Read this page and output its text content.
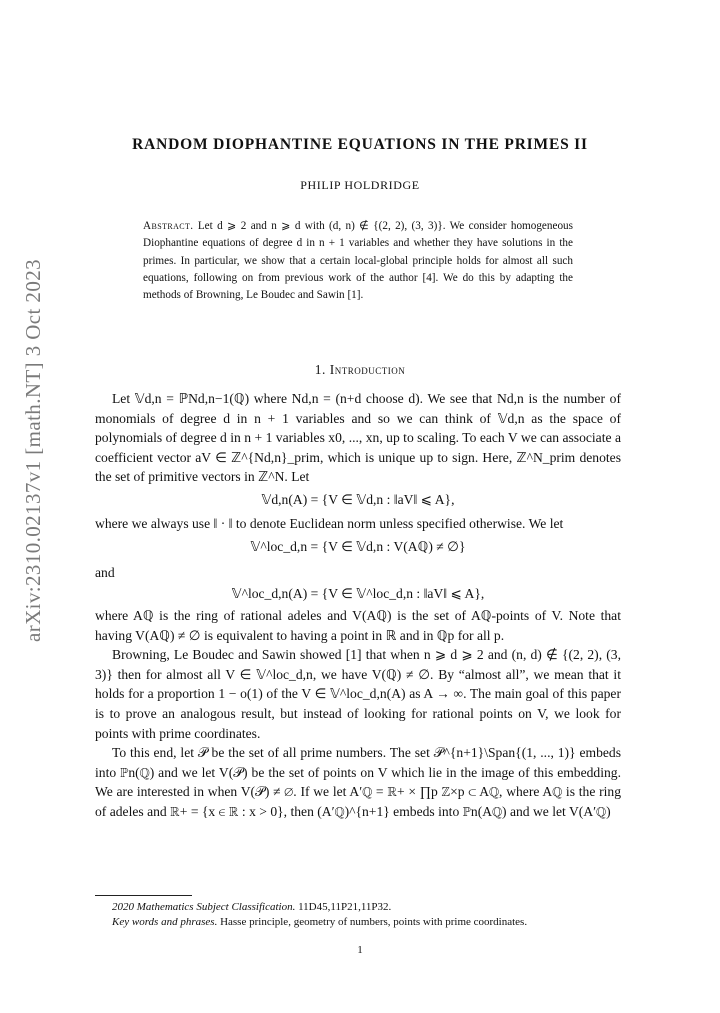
arXiv:2310.02137v1 [math.NT] 3 Oct 2023
RANDOM DIOPHANTINE EQUATIONS IN THE PRIMES II
PHILIP HOLDRIDGE
Abstract. Let d ⩾ 2 and n ⩾ d with (d, n) ∉ {(2, 2), (3, 3)}. We consider homogeneous Diophantine equations of degree d in n + 1 variables and whether they have solutions in the primes. In particular, we show that a certain local-global principle holds for almost all such equations, following on from previous work of the author [4]. We do this by adapting the methods of Browning, Le Boudec and Sawin [1].
1. Introduction

Let 𝕍d,n = ℙNd,n−1(ℚ) where Nd,n = (n+d choose d). We see that Nd,n is the number of monomials of degree d in n + 1 variables and so we can think of 𝕍d,n as the space of polynomials of degree d in n + 1 variables x0, ..., xn, up to scaling. To each V we can associate a coefficient vector aV ∈ ℤ^{Nd,n}_prim, which is unique up to sign. Here, ℤ^N_prim denotes the set of primitive vectors in ℤ^N. Let

𝕍d,n(A) = {V ∈ 𝕍d,n : ‖aV‖ ⩽ A},

where we always use ‖ · ‖ to denote Euclidean norm unless specified otherwise. We let

𝕍^loc_d,n = {V ∈ 𝕍d,n : V(Aℚ) ≠ ∅}

and

𝕍^loc_d,n(A) = {V ∈ 𝕍^loc_d,n : ‖aV‖ ⩽ A},

where Aℚ is the ring of rational adeles and V(Aℚ) is the set of Aℚ-points of V. Note that having V(Aℚ) ≠ ∅ is equivalent to having a point in ℝ and in ℚp for all p.

Browning, Le Boudec and Sawin showed [1] that when n ⩾ d ⩾ 2 and (n, d) ∉ {(2, 2), (3, 3)} then for almost all V ∈ 𝕍^loc_d,n, we have V(ℚ) ≠ ∅. By “almost all”, we mean that it holds for a proportion 1 − o(1) of the V ∈ 𝕍^loc_d,n(A) as A → ∞. The main goal of this paper is to prove an analogous result, but instead of looking for rational points on V, we look for points with prime coordinates.

To this end, let 𝒫 be the set of all prime numbers. The set 𝒫^{n+1}\Span{(1, ..., 1)} embeds into ℙn(ℚ) and we let V(𝒫) be the set of points on V which lie in the image of this embedding. We are interested in when V(𝒫) ≠ ∅. If we let A′ℚ = ℝ+ × ∏p ℤ×p ⊂ Aℚ, where Aℚ is the ring of adeles and ℝ+ = {x ∈ ℝ : x > 0}, then (A′ℚ)^{n+1} embeds into ℙn(Aℚ) and we let V(A′ℚ)

2020 Mathematics Subject Classification. 11D45,11P21,11P32.

Key words and phrases. Hasse principle, geometry of numbers, points with prime coordinates.

1
